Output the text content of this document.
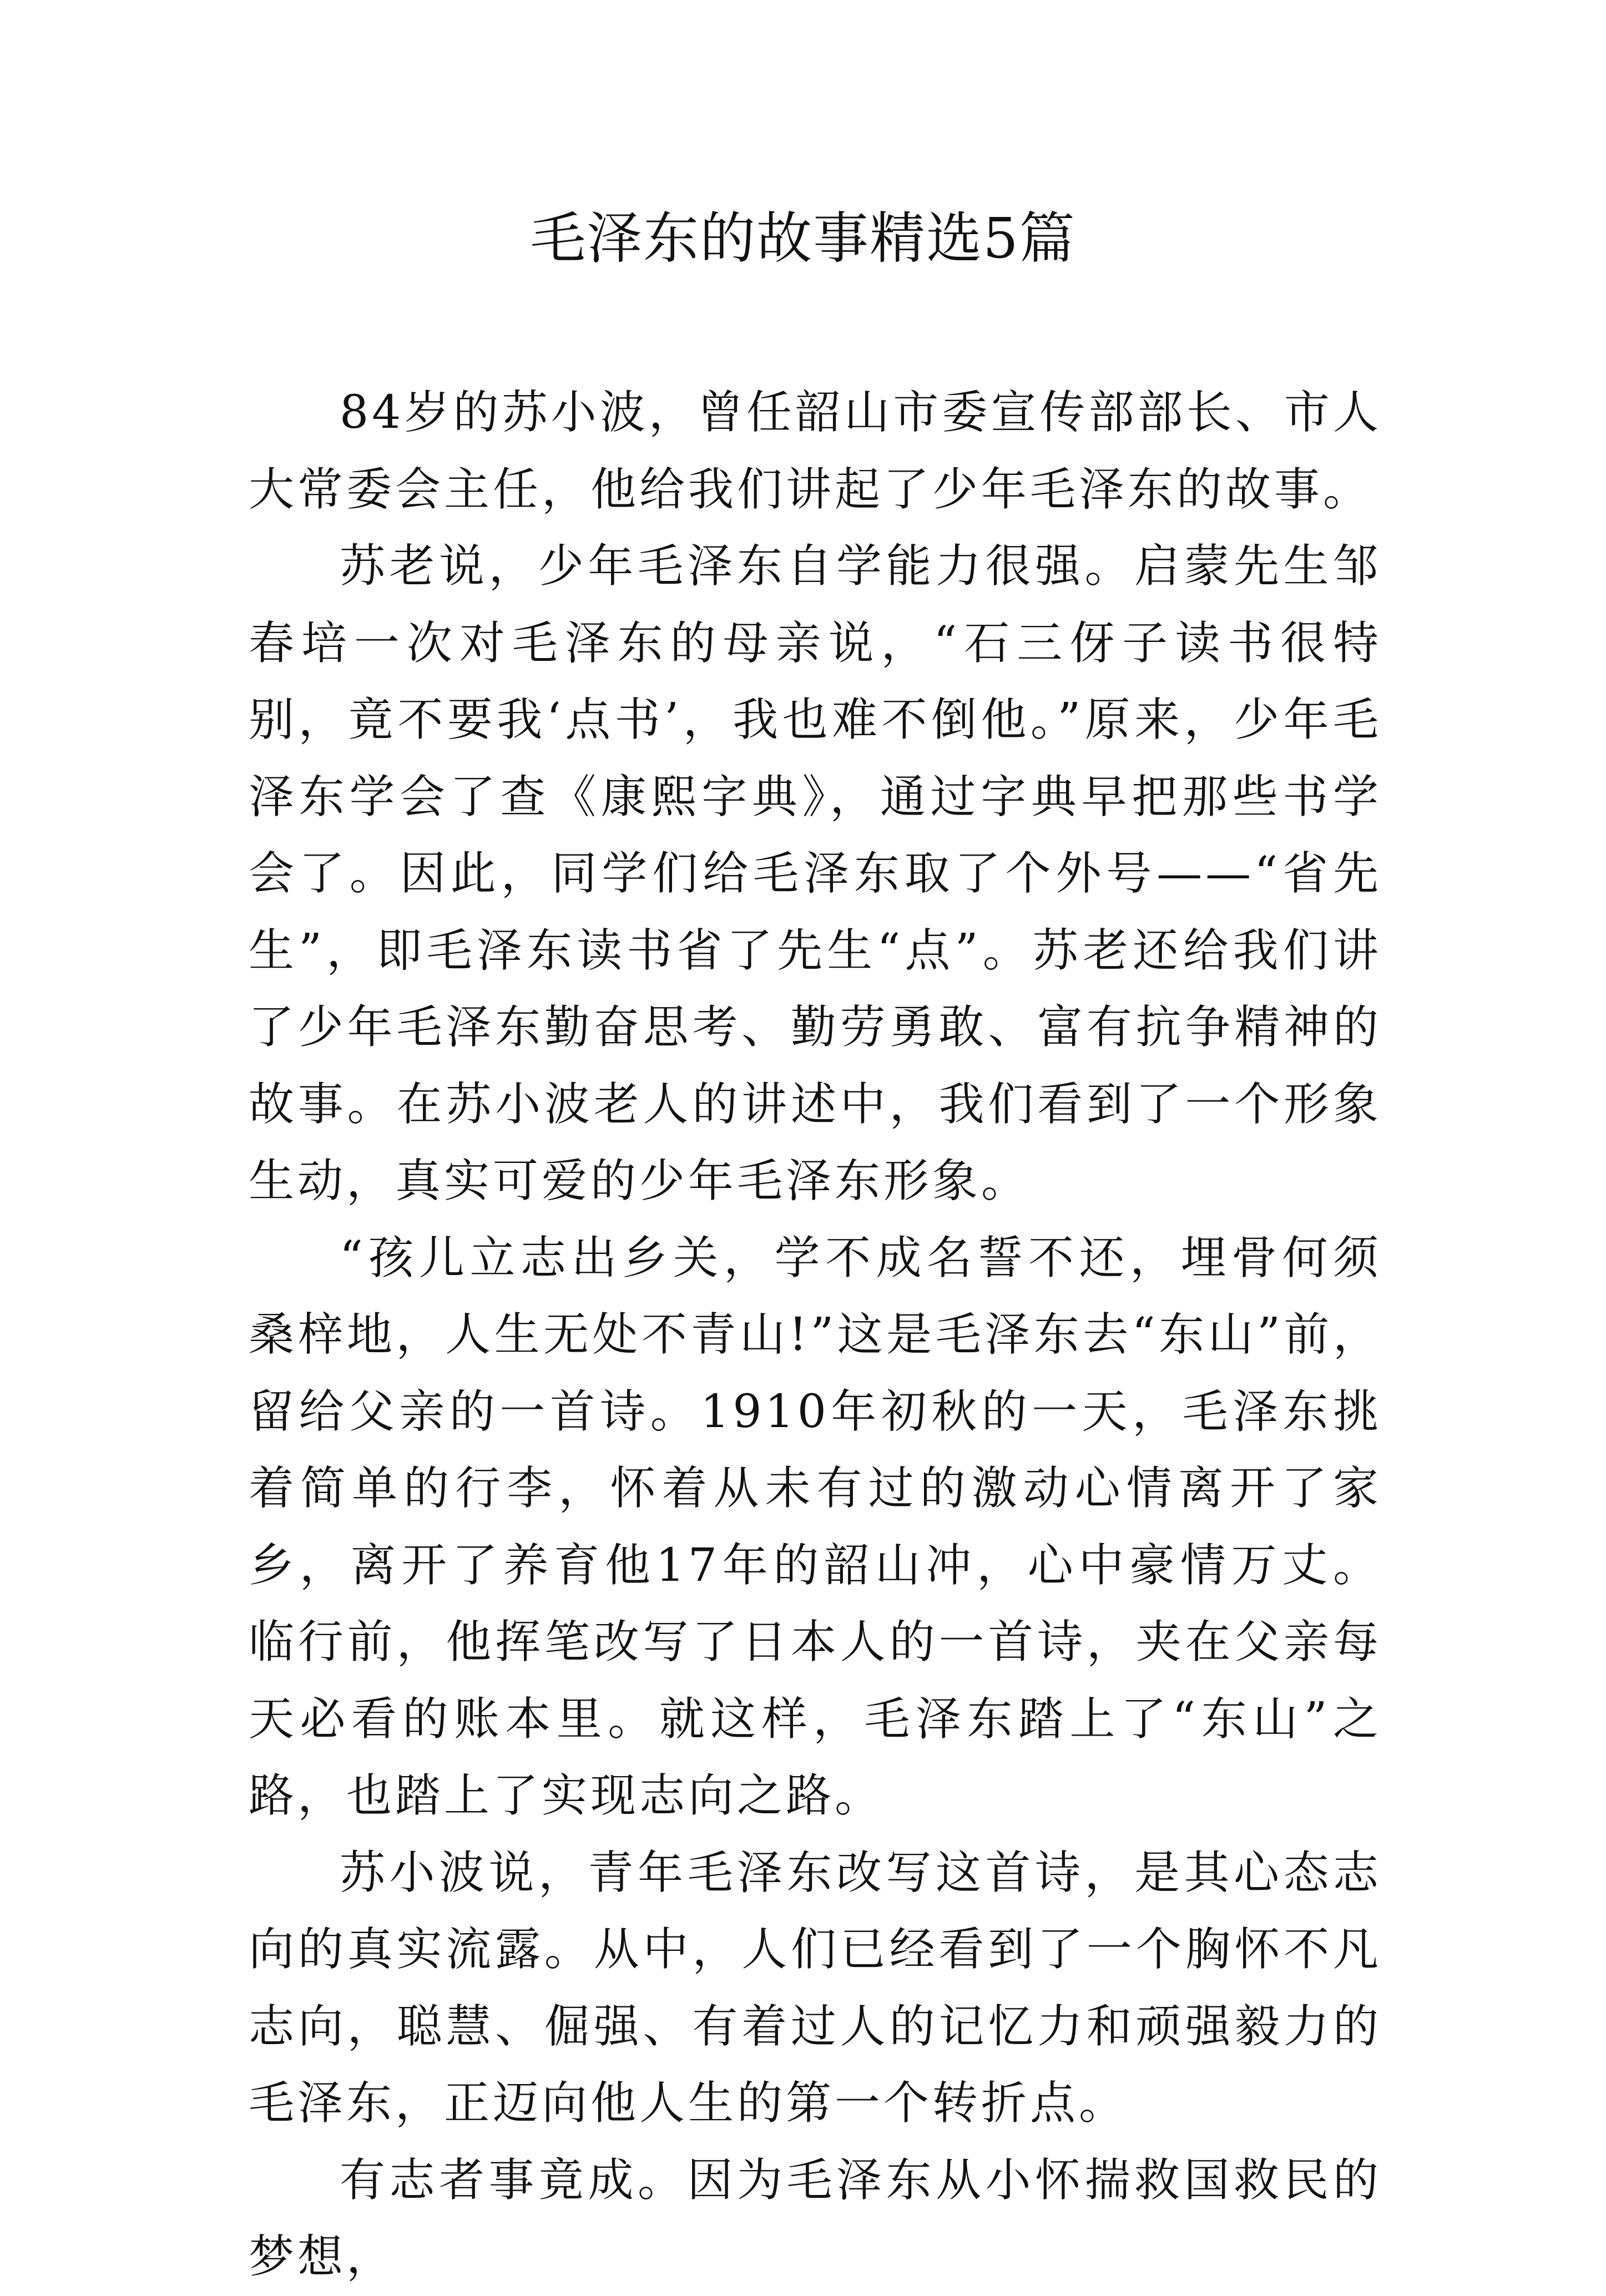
毛泽东的故事精选5篇

84岁的苏小波，曾任韶山市委宣传部部长、市人大常委会主任，他给我们讲起了少年毛泽东的故事。

苏老说，少年毛泽东自学能力很强。启蒙先生邹春培一次对毛泽东的母亲说，“石三伢子读书很特别，竟不要我‘点书’，我也难不倒他。”原来，少年毛泽东学会了查《康熙字典》，通过字典早把那些书学会了。因此，同学们给毛泽东取了个外号——“省先生”，即毛泽东读书省了先生“点”。苏老还给我们讲了少年毛泽东勤奋思考、勤劳勇敢、富有抗争精神的故事。在苏小波老人的讲述中，我们看到了一个形象生动，真实可爱的少年毛泽东形象。

“孩儿立志出乡关，学不成名誓不还，埋骨何须桑梓地，人生无处不青山!”这是毛泽东去“东山”前，留给父亲的一首诗。1910年初秋的一天，毛泽东挑着简单的行李，怀着从未有过的激动心情离开了家乡，离开了养育他17年的韶山冲，心中豪情万丈。临行前，他挥笔改写了日本人的一首诗，夹在父亲每天必看的账本里。就这样，毛泽东踏上了“东山”之路，也踏上了实现志向之路。

苏小波说，青年毛泽东改写这首诗，是其心态志向的真实流露。从中，人们已经看到了一个胸怀不凡志向，聪慧、倔强、有着过人的记忆力和顽强毅力的毛泽东，正迈向他人生的第一个转折点。

有志者事竟成。因为毛泽东从小怀揣救国救民的梦想，
